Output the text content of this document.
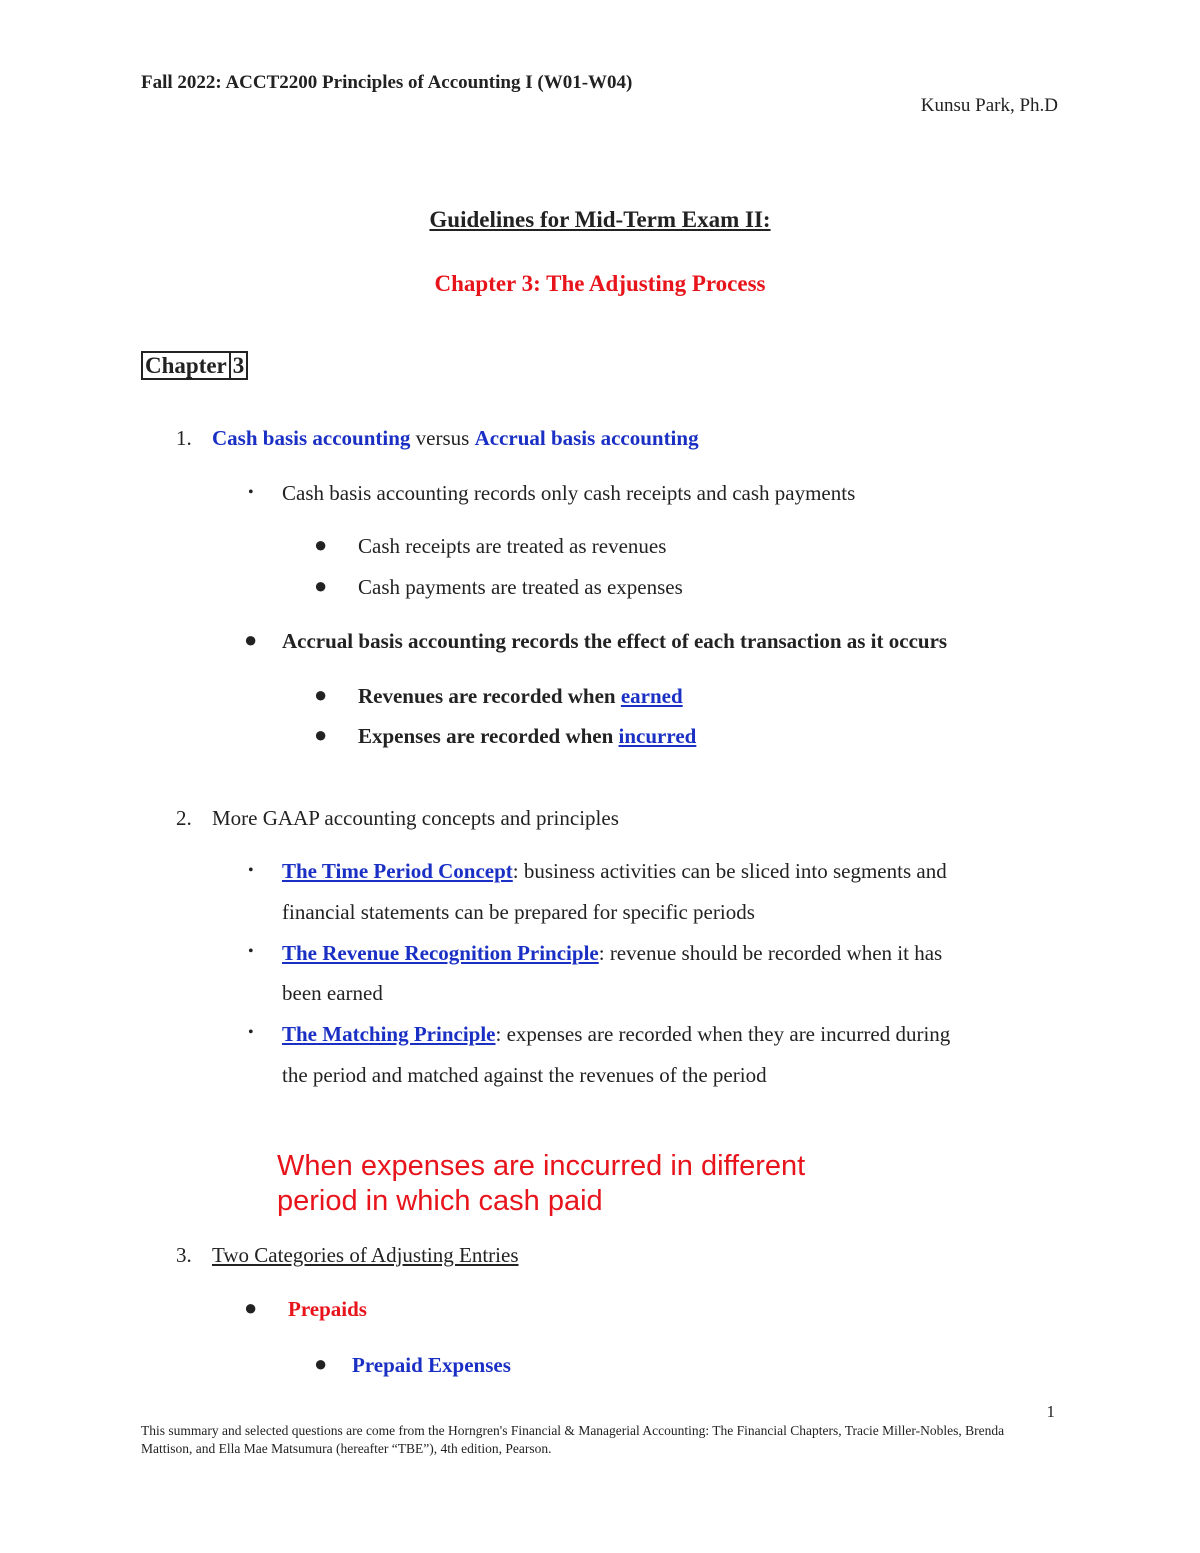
Fall 2022: ACCT2200 Principles of Accounting I (W01-W04)
Kunsu Park, Ph.D
Guidelines for Mid-Term Exam II:
Chapter 3: The Adjusting Process
Chapter 3
1. Cash basis accounting versus Accrual basis accounting
• Cash basis accounting records only cash receipts and cash payments
● Cash receipts are treated as revenues
● Cash payments are treated as expenses
● Accrual basis accounting records the effect of each transaction as it occurs
● Revenues are recorded when earned
● Expenses are recorded when incurred
2. More GAAP accounting concepts and principles
• The Time Period Concept: business activities can be sliced into segments and
financial statements can be prepared for specific periods
• The Revenue Recognition Principle: revenue should be recorded when it has
been earned
• The Matching Principle: expenses are recorded when they are incurred during
the period and matched against the revenues of the period
When expenses are inccurred in different
period in which cash paid
3. Two Categories of Adjusting Entries
● Prepaids
● Prepaid Expenses
1
This summary and selected questions are come from the Horngren's Financial & Managerial Accounting: The Financial Chapters, Tracie Miller-Nobles, Brenda Mattison, and Ella Mae Matsumura (hereafter “TBE”), 4th edition, Pearson.
